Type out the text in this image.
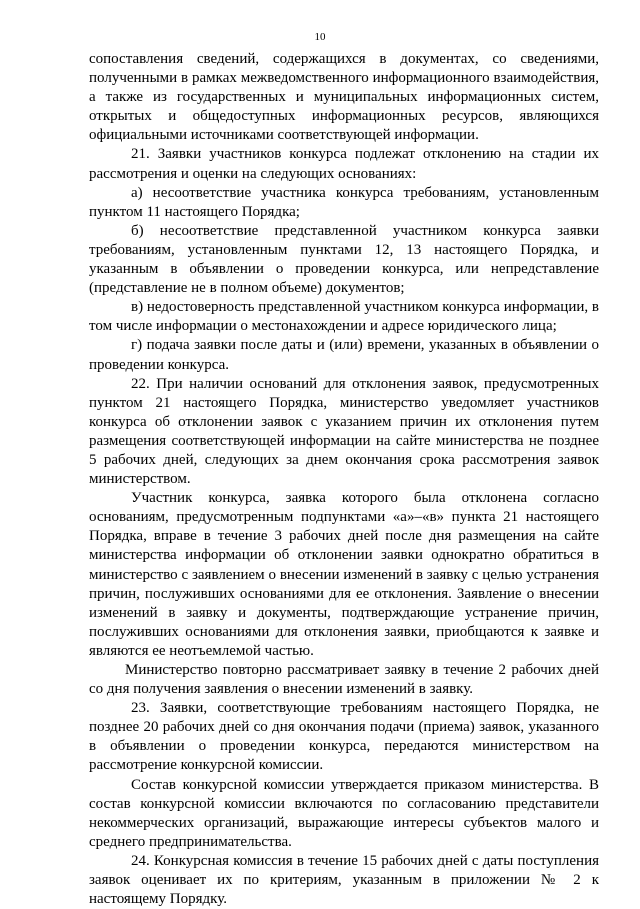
10

сопоставления сведений, содержащихся в документах, со сведениями, полученными в рамках межведомственного информационного взаимодействия, а также из государственных и муниципальных информационных систем, открытых и общедоступных информационных ресурсов, являющихся официальными источниками соответствующей информации.

21. Заявки участников конкурса подлежат отклонению на стадии их рассмотрения и оценки на следующих основаниях:

а) несоответствие участника конкурса требованиям, установленным пунктом 11 настоящего Порядка;

б) несоответствие представленной участником конкурса заявки требованиям, установленным пунктами 12, 13 настоящего Порядка, и указанным в объявлении о проведении конкурса, или непредставление (представление не в полном объеме) документов;

в) недостоверность представленной участником конкурса информации, в том числе информации о местонахождении и адресе юридического лица;

г) подача заявки после даты и (или) времени, указанных в объявлении о проведении конкурса.

22. При наличии оснований для отклонения заявок, предусмотренных пунктом 21 настоящего Порядка, министерство уведомляет участников конкурса об отклонении заявок с указанием причин их отклонения путем размещения соответствующей информации на сайте министерства не позднее 5 рабочих дней, следующих за днем окончания срока рассмотрения заявок министерством.

Участник конкурса, заявка которого была отклонена согласно основаниям, предусмотренным подпунктами «а»–«в» пункта 21 настоящего Порядка, вправе в течение 3 рабочих дней после дня размещения на сайте министерства информации об отклонении заявки однократно обратиться в министерство с заявлением о внесении изменений в заявку с целью устранения причин, послуживших основаниями для ее отклонения. Заявление о внесении изменений в заявку и документы, подтверждающие устранение причин, послуживших основаниями для отклонения заявки, приобщаются к заявке и являются ее неотъемлемой частью.

Министерство повторно рассматривает заявку в течение 2 рабочих дней со дня получения заявления о внесении изменений в заявку.

23. Заявки, соответствующие требованиям настоящего Порядка, не позднее 20 рабочих дней со дня окончания подачи (приема) заявок, указанного в объявлении о проведении конкурса, передаются министерством на рассмотрение конкурсной комиссии.

Состав конкурсной комиссии утверждается приказом министерства. В состав конкурсной комиссии включаются по согласованию представители некоммерческих организаций, выражающие интересы субъектов малого и среднего предпринимательства.

24. Конкурсная комиссия в течение 15 рабочих дней с даты поступления заявок оценивает их по критериям, указанным в приложении № 2 к настоящему Порядку.
